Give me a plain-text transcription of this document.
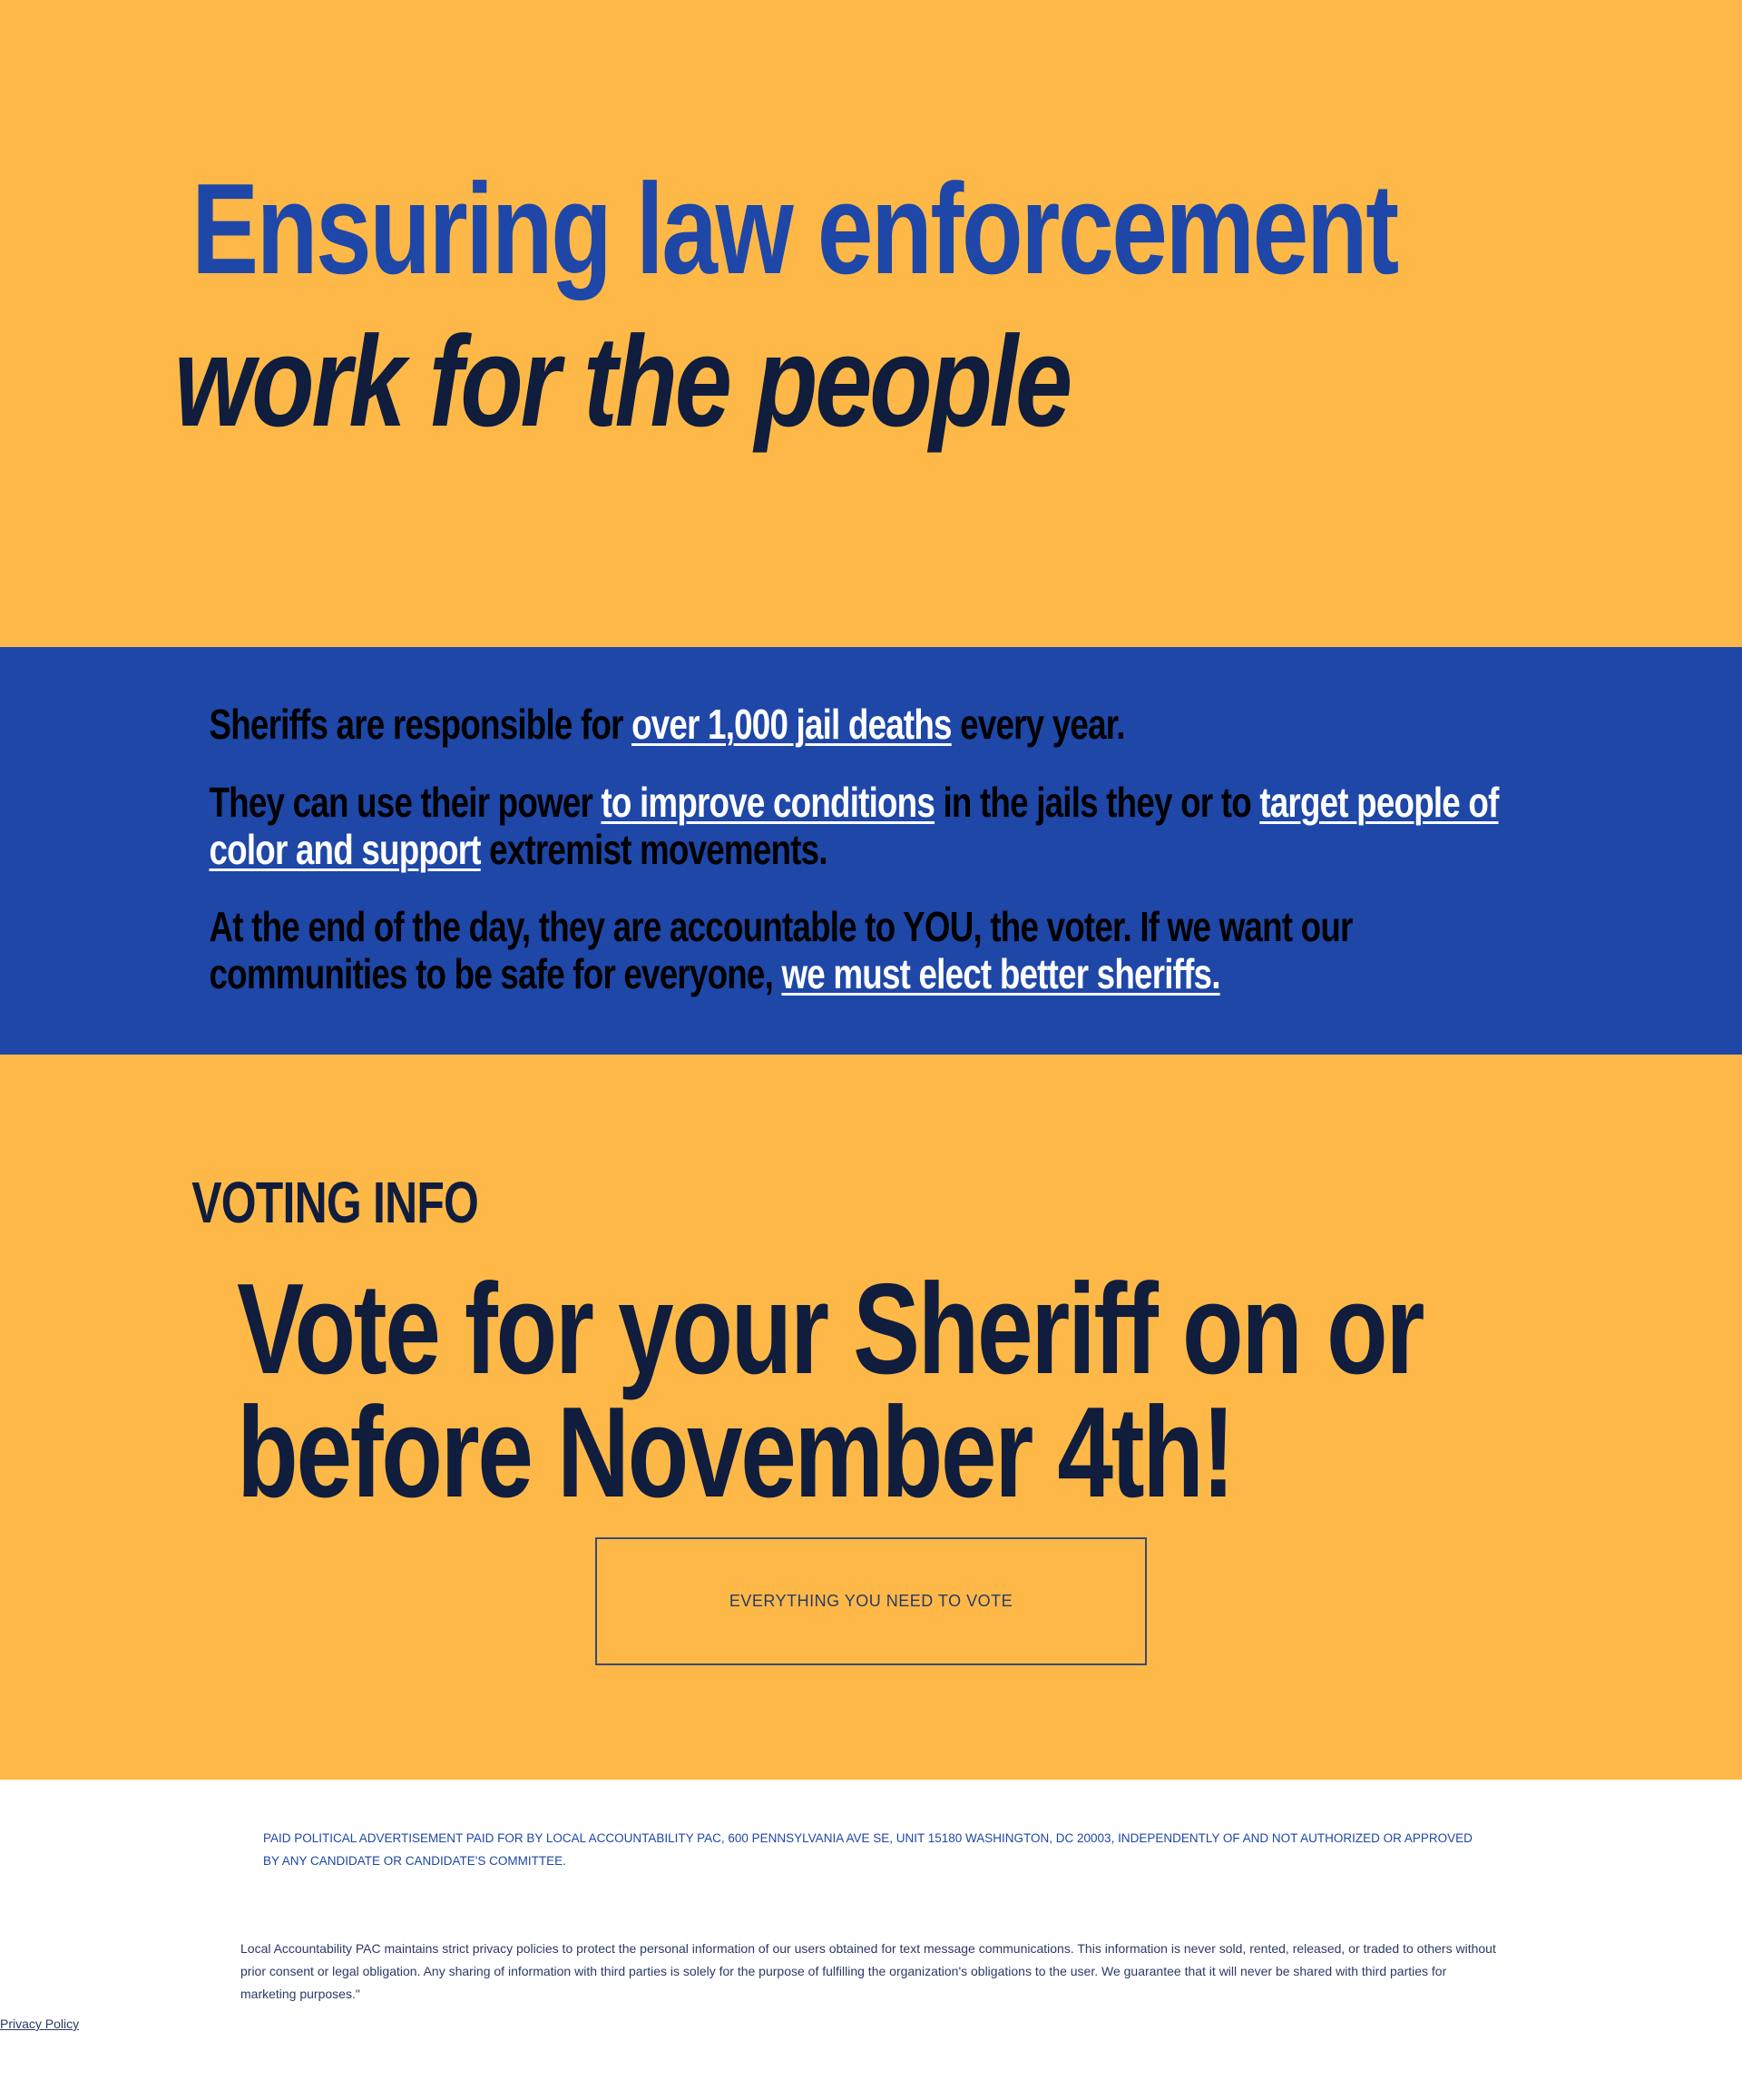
Ensuring law enforcement
work for the people

Sheriffs are responsible for over 1,000 jail deaths every year.

They can use their power to improve conditions in the jails they or to target people of color and support extremist movements.

At the end of the day, they are accountable to YOU, the voter. If we want our communities to be safe for everyone, we must elect better sheriffs.

VOTING INFO
Vote for your Sheriff on or before November 4th!
EVERYTHING YOU NEED TO VOTE

PAID POLITICAL ADVERTISEMENT PAID FOR BY LOCAL ACCOUNTABILITY PAC, 600 PENNSYLVANIA AVE SE, UNIT 15180 WASHINGTON, DC 20003, INDEPENDENTLY OF AND NOT AUTHORIZED OR APPROVED BY ANY CANDIDATE OR CANDIDATE'S COMMITTEE.

Local Accountability PAC maintains strict privacy policies to protect the personal information of our users obtained for text message communications. This information is never sold, rented, released, or traded to others without prior consent or legal obligation. Any sharing of information with third parties is solely for the purpose of fulfilling the organization's obligations to the user. We guarantee that it will never be shared with third parties for marketing purposes."

Privacy Policy
